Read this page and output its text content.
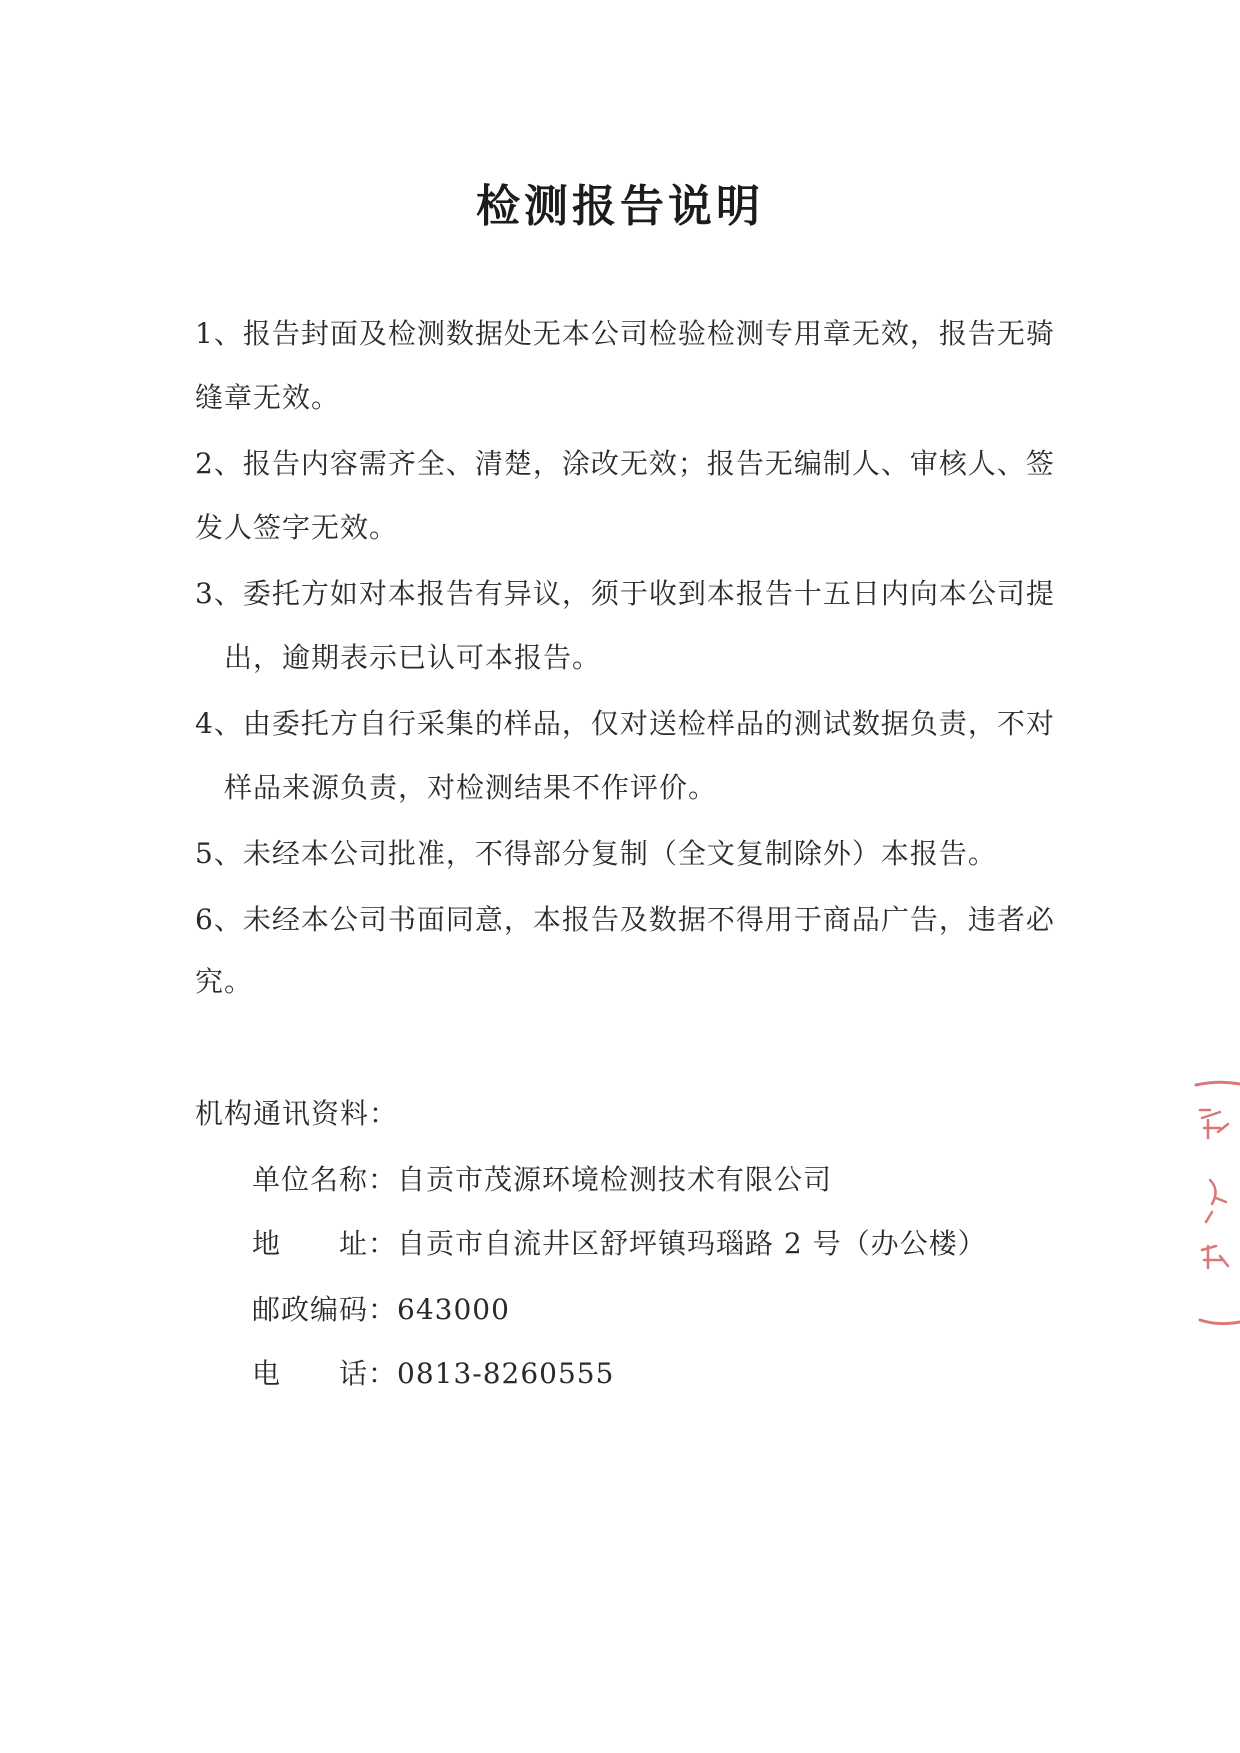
检测报告说明
1、报告封面及检测数据处无本公司检验检测专用章无效，报告无骑
缝章无效。
2、报告内容需齐全、清楚，涂改无效；报告无编制人、审核人、签
发人签字无效。
3、委托方如对本报告有异议，须于收到本报告十五日内向本公司提
出，逾期表示已认可本报告。
4、由委托方自行采集的样品，仅对送检样品的测试数据负责，不对
样品来源负责，对检测结果不作评价。
5、未经本公司批准，不得部分复制（全文复制除外）本报告。
6、未经本公司书面同意，本报告及数据不得用于商品广告，违者必
究。
机构通讯资料：
单位名称：自贡市茂源环境检测技术有限公司
地　　址：自贡市自流井区舒坪镇玛瑙路 2 号（办公楼）
邮政编码：643000
电　　话：0813-8260555
